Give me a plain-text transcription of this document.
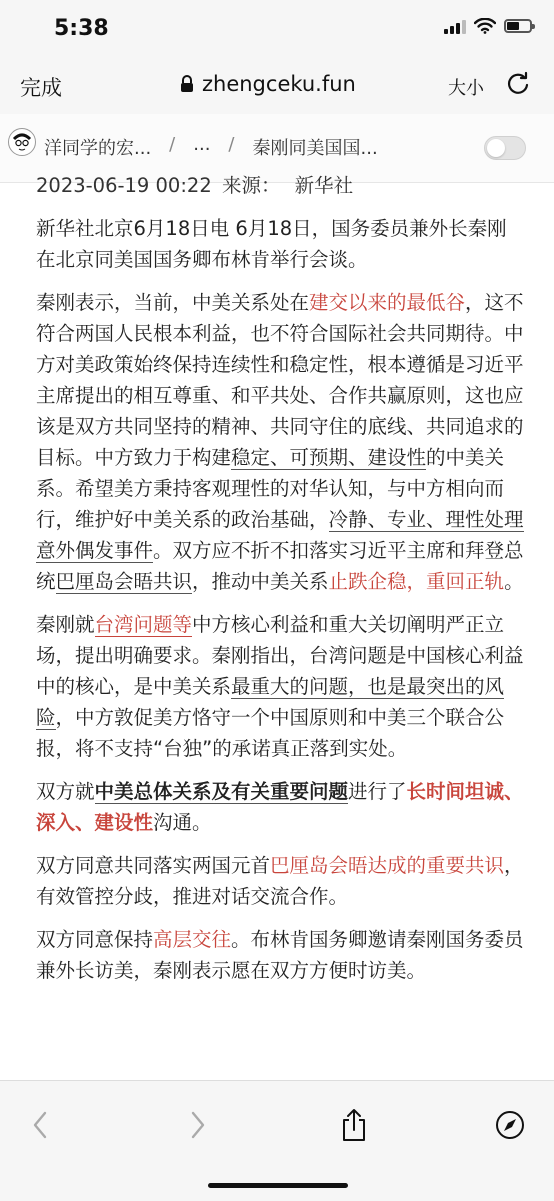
5:38
完成	zhengceku.fun	大小
洋同学的宏... / ... / 秦刚同美国国...
2023-06-19 00:22 来源： 新华社

新华社北京6月18日电 6月18日，国务委员兼外长秦刚在北京同美国国务卿布林肯举行会谈。

秦刚表示，当前，中美关系处在建交以来的最低谷，这不符合两国人民根本利益，也不符合国际社会共同期待。中方对美政策始终保持连续性和稳定性，根本遵循是习近平主席提出的相互尊重、和平共处、合作共赢原则，这也应该是双方共同坚持的精神、共同守住的底线、共同追求的目标。中方致力于构建稳定、可预期、建设性的中美关系。希望美方秉持客观理性的对华认知，与中方相向而行，维护好中美关系的政治基础，冷静、专业、理性处理意外偶发事件。双方应不折不扣落实习近平主席和拜登总统巴厘岛会晤共识，推动中美关系止跌企稳，重回正轨。

秦刚就台湾问题等中方核心利益和重大关切阐明严正立场，提出明确要求。秦刚指出，台湾问题是中国核心利益中的核心，是中美关系最重大的问题，也是最突出的风险，中方敦促美方恪守一个中国原则和中美三个联合公报，将不支持“台独”的承诺真正落到实处。

双方就中美总体关系及有关重要问题进行了长时间坦诚、深入、建设性沟通。

双方同意共同落实两国元首巴厘岛会晤达成的重要共识，有效管控分歧，推进对话交流合作。

双方同意保持高层交往。布林肯国务卿邀请秦刚国务委员兼外长访美，秦刚表示愿在双方方便时访美。
